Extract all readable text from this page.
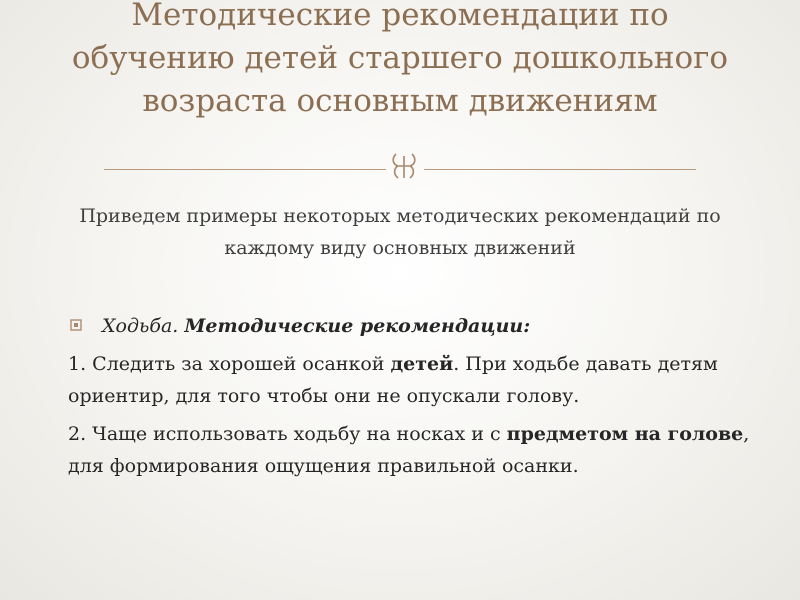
Методические рекомендации по обучению детей старшего дошкольного возраста основным движениям

Приведем примеры некоторых методических рекомендаций по каждому виду основных движений

Ходьба. Методические рекомендации:

1. Следить за хорошей осанкой детей. При ходьбе давать детям ориентир, для того чтобы они не опускали голову.

2. Чаще использовать ходьбу на носках и с предметом на голове, для формирования ощущения правильной осанки.
